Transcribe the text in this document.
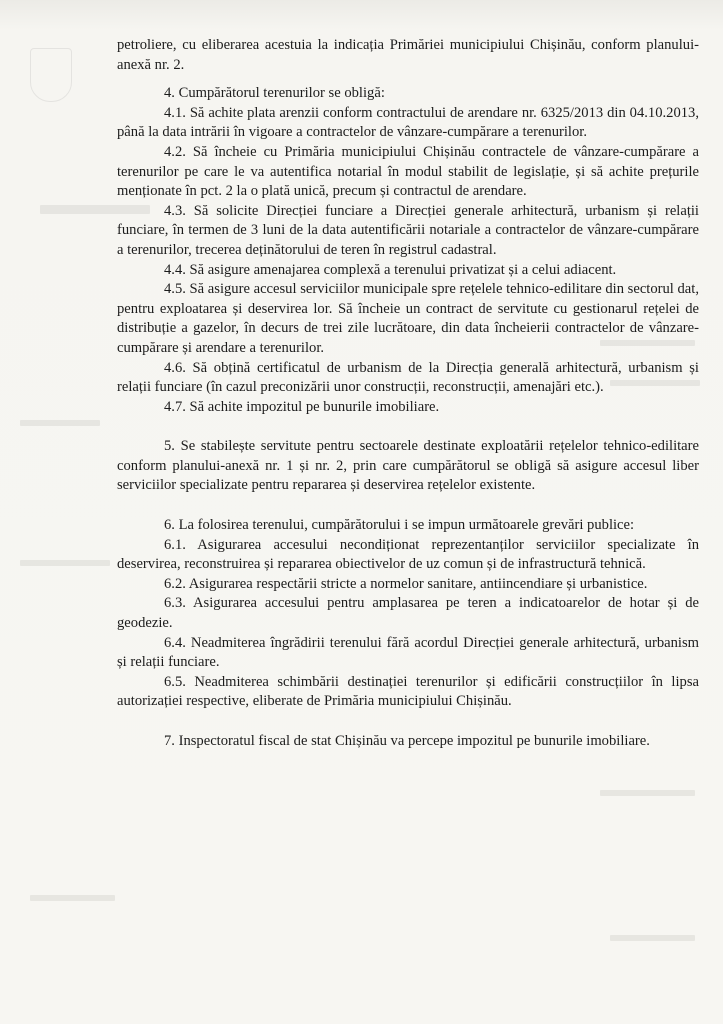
petroliere, cu eliberarea acestuia la indicația Primăriei municipiului Chișinău, conform planului-anexă nr. 2.

4. Cumpărătorul terenurilor se obligă:

4.1. Să achite plata arenzii conform contractului de arendare nr. 6325/2013 din 04.10.2013, până la data intrării în vigoare a contractelor de vânzare-cumpărare a terenurilor.

4.2. Să încheie cu Primăria municipiului Chișinău contractele de vânzare-cumpărare a terenurilor pe care le va autentifica notarial în modul stabilit de legislație, și să achite prețurile menționate în pct. 2 la o plată unică, precum și contractul de arendare.

4.3. Să solicite Direcției funciare a Direcției generale arhitectură, urbanism și relații funciare, în termen de 3 luni de la data autentificării notariale a contractelor de vânzare-cumpărare a terenurilor, trecerea deținătorului de teren în registrul cadastral.

4.4. Să asigure amenajarea complexă a terenului privatizat și a celui adiacent.

4.5. Să asigure accesul serviciilor municipale spre rețelele tehnico-edilitare din sectorul dat, pentru exploatarea și deservirea lor. Să încheie un contract de servitute cu gestionarul rețelei de distribuție a gazelor, în decurs de trei zile lucrătoare, din data încheierii contractelor de vânzare-cumpărare și arendare a terenurilor.

4.6. Să obțină certificatul de urbanism de la Direcția generală arhitectură, urbanism și relații funciare (în cazul preconizării unor construcții, reconstrucții, amenajări etc.).

4.7. Să achite impozitul pe bunurile imobiliare.

5. Se stabilește servitute pentru sectoarele destinate exploatării rețelelor tehnico-edilitare conform planului-anexă nr. 1 și nr. 2, prin care cumpărătorul se obligă să asigure accesul liber serviciilor specializate pentru repararea și deservirea rețelelor existente.

6. La folosirea terenului, cumpărătorului i se impun următoarele grevări publice:

6.1. Asigurarea accesului necondiționat reprezentanților serviciilor specializate în deservirea, reconstruirea și repararea obiectivelor de uz comun și de infrastructură tehnică.

6.2. Asigurarea respectării stricte a normelor sanitare, antiincendiare și urbanistice.

6.3. Asigurarea accesului pentru amplasarea pe teren a indicatoarelor de hotar și de geodezie.

6.4. Neadmiterea îngrădirii terenului fără acordul Direcției generale arhitectură, urbanism și relații funciare.

6.5. Neadmiterea schimbării destinației terenurilor și edificării construcțiilor în lipsa autorizației respective, eliberate de Primăria municipiului Chișinău.

7. Inspectoratul fiscal de stat Chișinău va percepe impozitul pe bunurile imobiliare.
